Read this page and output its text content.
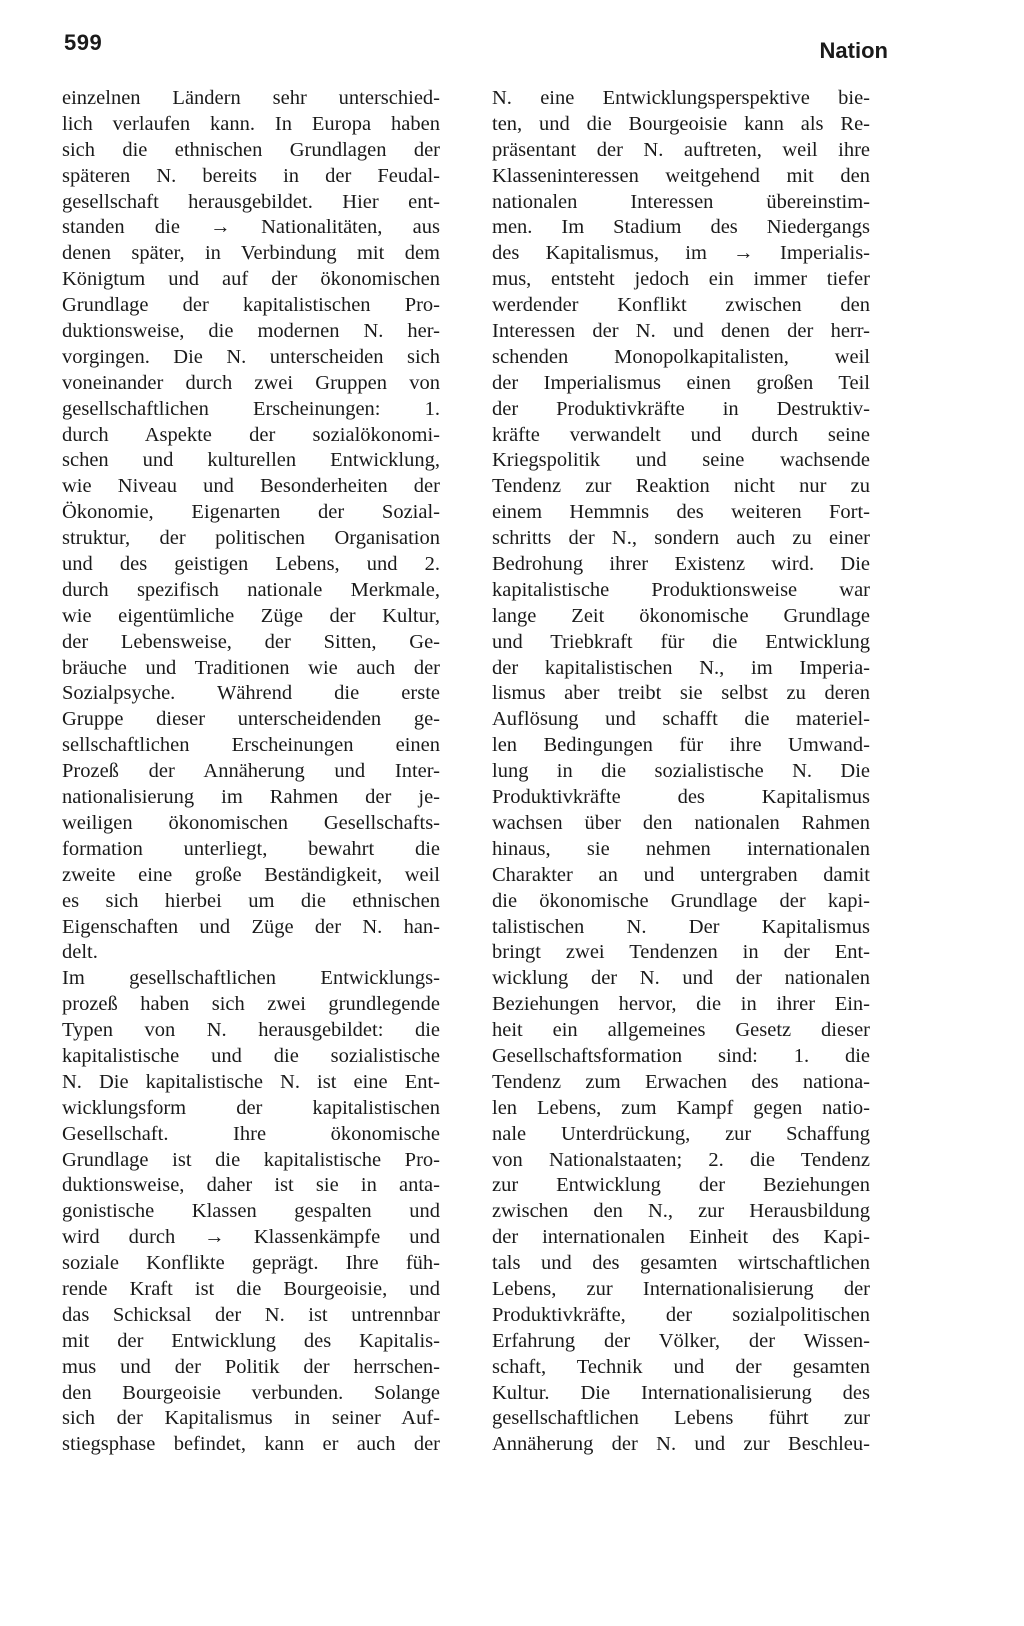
599	Nation
einzelnen Ländern sehr unterschied-
lich verlaufen kann. In Europa haben
sich die ethnischen Grundlagen der
späteren N. bereits in der Feudal-
gesellschaft herausgebildet. Hier ent-
standen die → Nationalitäten, aus
denen später, in Verbindung mit dem
Königtum und auf der ökonomischen
Grundlage der kapitalistischen Pro-
duktionsweise, die modernen N. her-
vorgingen. Die N. unterscheiden sich
voneinander durch zwei Gruppen von
gesellschaftlichen Erscheinungen: 1.
durch Aspekte der sozialökonomi-
schen und kulturellen Entwicklung,
wie Niveau und Besonderheiten der
Ökonomie, Eigenarten der Sozial-
struktur, der politischen Organisation
und des geistigen Lebens, und 2.
durch spezifisch nationale Merkmale,
wie eigentümliche Züge der Kultur,
der Lebensweise, der Sitten, Ge-
bräuche und Traditionen wie auch der
Sozialpsyche. Während die erste
Gruppe dieser unterscheidenden ge-
sellschaftlichen Erscheinungen einen
Prozeß der Annäherung und Inter-
nationalisierung im Rahmen der je-
weiligen ökonomischen Gesellschafts-
formation unterliegt, bewahrt die
zweite eine große Beständigkeit, weil
es sich hierbei um die ethnischen
Eigenschaften und Züge der N. han-
delt.
Im gesellschaftlichen Entwicklungs-
prozeß haben sich zwei grundlegende
Typen von N. herausgebildet: die
kapitalistische und die sozialistische
N. Die kapitalistische N. ist eine Ent-
wicklungsform der kapitalistischen
Gesellschaft. Ihre ökonomische
Grundlage ist die kapitalistische Pro-
duktionsweise, daher ist sie in anta-
gonistische Klassen gespalten und
wird durch → Klassenkämpfe und
soziale Konflikte geprägt. Ihre füh-
rende Kraft ist die Bourgeoisie, und
das Schicksal der N. ist untrennbar
mit der Entwicklung des Kapitalis-
mus und der Politik der herrschen-
den Bourgeoisie verbunden. Solange
sich der Kapitalismus in seiner Auf-
stiegsphase befindet, kann er auch der
N. eine Entwicklungsperspektive bie-
ten, und die Bourgeoisie kann als Re-
präsentant der N. auftreten, weil ihre
Klasseninteressen weitgehend mit den
nationalen Interessen übereinstim-
men. Im Stadium des Niedergangs
des Kapitalismus, im → Imperialis-
mus, entsteht jedoch ein immer tiefer
werdender Konflikt zwischen den
Interessen der N. und denen der herr-
schenden Monopolkapitalisten, weil
der Imperialismus einen großen Teil
der Produktivkräfte in Destruktiv-
kräfte verwandelt und durch seine
Kriegspolitik und seine wachsende
Tendenz zur Reaktion nicht nur zu
einem Hemmnis des weiteren Fort-
schritts der N., sondern auch zu einer
Bedrohung ihrer Existenz wird. Die
kapitalistische Produktionsweise war
lange Zeit ökonomische Grundlage
und Triebkraft für die Entwicklung
der kapitalistischen N., im Imperia-
lismus aber treibt sie selbst zu deren
Auflösung und schafft die materiel-
len Bedingungen für ihre Umwand-
lung in die sozialistische N. Die
Produktivkräfte des Kapitalismus
wachsen über den nationalen Rahmen
hinaus, sie nehmen internationalen
Charakter an und untergraben damit
die ökonomische Grundlage der kapi-
talistischen N. Der Kapitalismus
bringt zwei Tendenzen in der Ent-
wicklung der N. und der nationalen
Beziehungen hervor, die in ihrer Ein-
heit ein allgemeines Gesetz dieser
Gesellschaftsformation sind: 1. die
Tendenz zum Erwachen des nationa-
len Lebens, zum Kampf gegen natio-
nale Unterdrückung, zur Schaffung
von Nationalstaaten; 2. die Tendenz
zur Entwicklung der Beziehungen
zwischen den N., zur Herausbildung
der internationalen Einheit des Kapi-
tals und des gesamten wirtschaftlichen
Lebens, zur Internationalisierung der
Produktivkräfte, der sozialpolitischen
Erfahrung der Völker, der Wissen-
schaft, Technik und der gesamten
Kultur. Die Internationalisierung des
gesellschaftlichen Lebens führt zur
Annäherung der N. und zur Beschleu-
